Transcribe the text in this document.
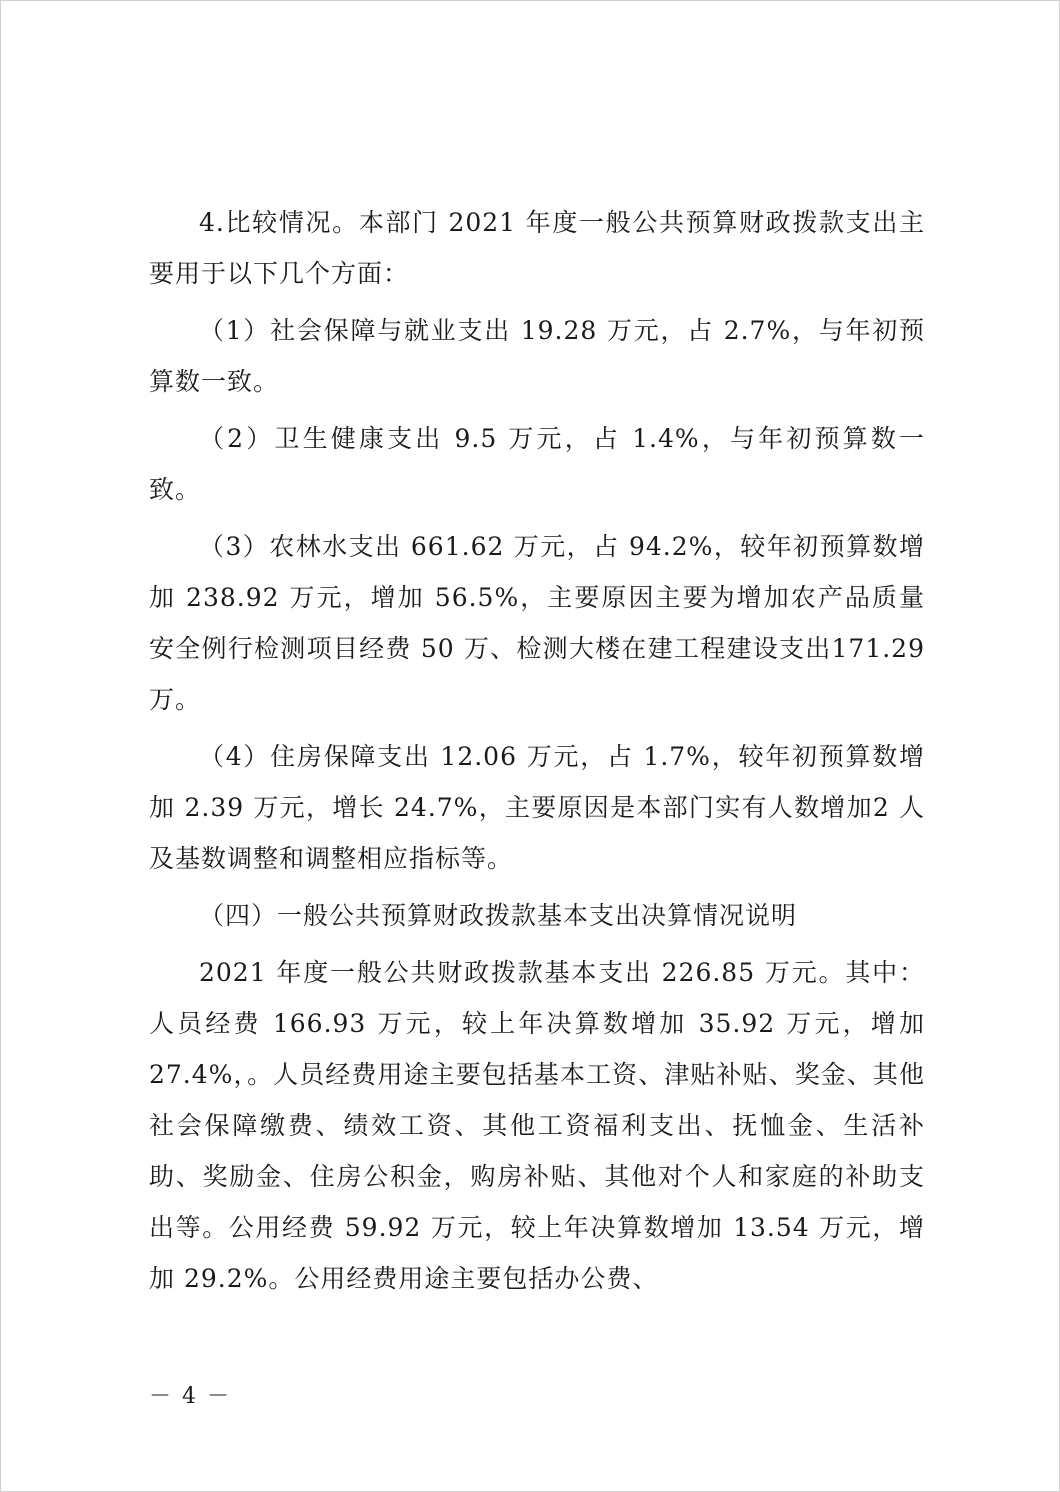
4.比较情况。本部门 2021 年度一般公共预算财政拨款支出主要用于以下几个方面：

（1）社会保障与就业支出 19.28 万元，占 2.7%，与年初预算数一致。

（2）卫生健康支出 9.5 万元，占 1.4%，与年初预算数一致。

（3）农林水支出 661.62 万元，占 94.2%，较年初预算数增加 238.92 万元，增加 56.5%，主要原因主要为增加农产品质量安全例行检测项目经费 50 万、检测大楼在建工程建设支出171.29 万。

（4）住房保障支出 12.06 万元，占 1.7%，较年初预算数增加 2.39 万元，增长 24.7%，主要原因是本部门实有人数增加2 人及基数调整和调整相应指标等。

（四）一般公共预算财政拨款基本支出决算情况说明

2021 年度一般公共财政拨款基本支出 226.85 万元。其中：人员经费 166.93 万元，较上年决算数增加 35.92 万元，增加 27.4%，。人员经费用途主要包括基本工资、津贴补贴、奖金、其他社会保障缴费、绩效工资、其他工资福利支出、抚恤金、生活补助、奖励金、住房公积金，购房补贴、其他对个人和家庭的补助支出等。公用经费 59.92 万元，较上年决算数增加 13.54 万元，增加 29.2%。公用经费用途主要包括办公费、

－ 4 －
